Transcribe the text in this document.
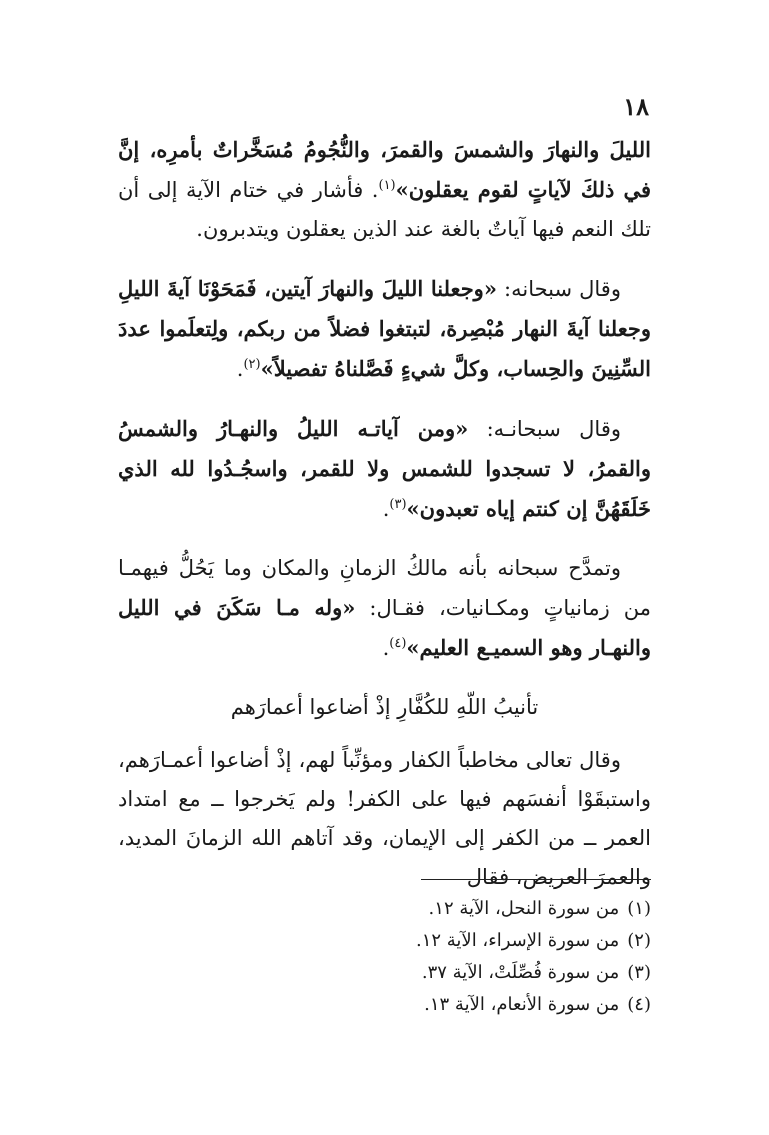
١٨

الليلَ والنهارَ والشمسَ والقمرَ، والنُّجُومُ مُسَخَّراتٌ بأمرِه، إنَّ في ذلكَ لآياتٍ لقوم يعقلون»$^{(١)}$. فأشار في ختام الآية إلى أن تلك النعم فيها آياتٌ بالغة عند الذين يعقلون ويتدبرون.

وقال سبحانه: «وجعلنا الليلَ والنهارَ آيتين، فَمَحَوْنَا آيةَ الليلِ وجعلنا آيةَ النهار مُبْصِرة، لتبتغوا فضلاً من ربكم، ولِتعلَموا عددَ السِّنِينَ والحِساب، وكلَّ شيءٍ فَصَّلناهُ تفصيلاً»$^{(٢)}$.

وقال سبحانـه: «ومن آياتـه الليلُ والنهـارُ والشمسُ والقمرُ، لا تسجدوا للشمس ولا للقمر، واسجُـدُوا لله الذي خَلَقَهُنَّ إن كنتم إياه تعبدون»$^{(٣)}$.

وتمدَّح سبحانه بأنه مالكُ الزمانِ والمكان وما يَحُلُّ فيهمـا من زمانياتٍ ومكـانيات، فقـال: «وله مـا سَكَنَ في الليل والنهـار وهو السميـع العليم»$^{(٤)}$.

تأنيبُ اللّهِ للكُفَّارِ إذْ أضاعوا أعمارَهم

وقال تعالى مخاطباً الكفار ومؤنِّباً لهم، إذْ أضاعوا أعمـارَهم، واستبقَوْا أنفسَهم فيها على الكفر! ولم يَخرجوا ــ مع امتداد العمر ــ من الكفر إلى الإيمان، وقد آتاهم الله الزمانَ المديد، والعمرَ العريض، فقال

(١)من سورة النحل، الآية ١٢.

(٢)من سورة الإسراء، الآية ١٢.

(٣)من سورة فُصِّلَتْ، الآية ٣٧.

(٤)من سورة الأنعام، الآية ١٣.
